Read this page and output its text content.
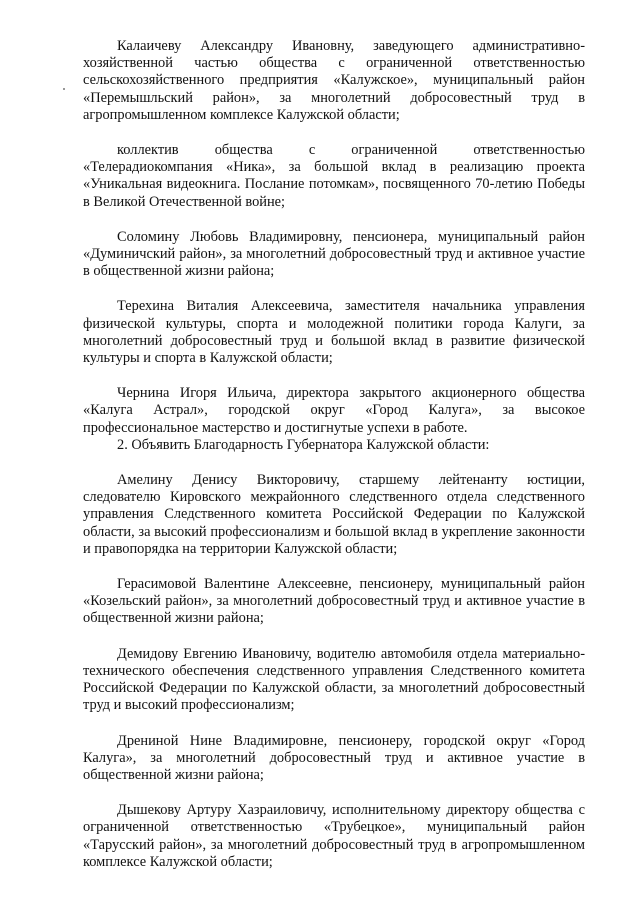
Калаичеву Александру Ивановну, заведующего административно-хозяйственной частью общества с ограниченной ответственностью сельскохозяйственного предприятия «Калужское», муниципальный район «Перемышльский район», за многолетний добросовестный труд в агропромышленном комплексе Калужской области;

коллектив общества с ограниченной ответственностью «Телерадиокомпания «Ника», за большой вклад в реализацию проекта «Уникальная видеокнига. Послание потомкам», посвященного 70-летию Победы в Великой Отечественной войне;

Соломину Любовь Владимировну, пенсионера, муниципальный район «Думиничский район», за многолетний добросовестный труд и активное участие в общественной жизни района;

Терехина Виталия Алексеевича, заместителя начальника управления физической культуры, спорта и молодежной политики города Калуги, за многолетний добросовестный труд и большой вклад в развитие физической культуры и спорта в Калужской области;

Чернина Игоря Ильича, директора закрытого акционерного общества «Калуга Астрал», городской округ «Город Калуга», за высокое профессиональное мастерство и достигнутые успехи в работе.

2. Объявить Благодарность Губернатора Калужской области:

Амелину Денису Викторовичу, старшему лейтенанту юстиции, следователю Кировского межрайонного следственного отдела следственного управления Следственного комитета Российской Федерации по Калужской области, за высокий профессионализм и большой вклад в укрепление законности и правопорядка на территории Калужской области;

Герасимовой Валентине Алексеевне, пенсионеру, муниципальный район «Козельский район», за многолетний добросовестный труд и активное участие в общественной жизни района;

Демидову Евгению Ивановичу, водителю автомобиля отдела материально-технического обеспечения следственного управления Следственного комитета Российской Федерации по Калужской области, за многолетний добросовестный труд и высокий профессионализм;

Дрениной Нине Владимировне, пенсионеру, городской округ «Город Калуга», за многолетний добросовестный труд и активное участие в общественной жизни района;

Дышекову Артуру Хазраиловичу, исполнительному директору общества с ограниченной ответственностью «Трубецкое», муниципальный район «Тарусский район», за многолетний добросовестный труд в агропромышленном комплексе Калужской области;
